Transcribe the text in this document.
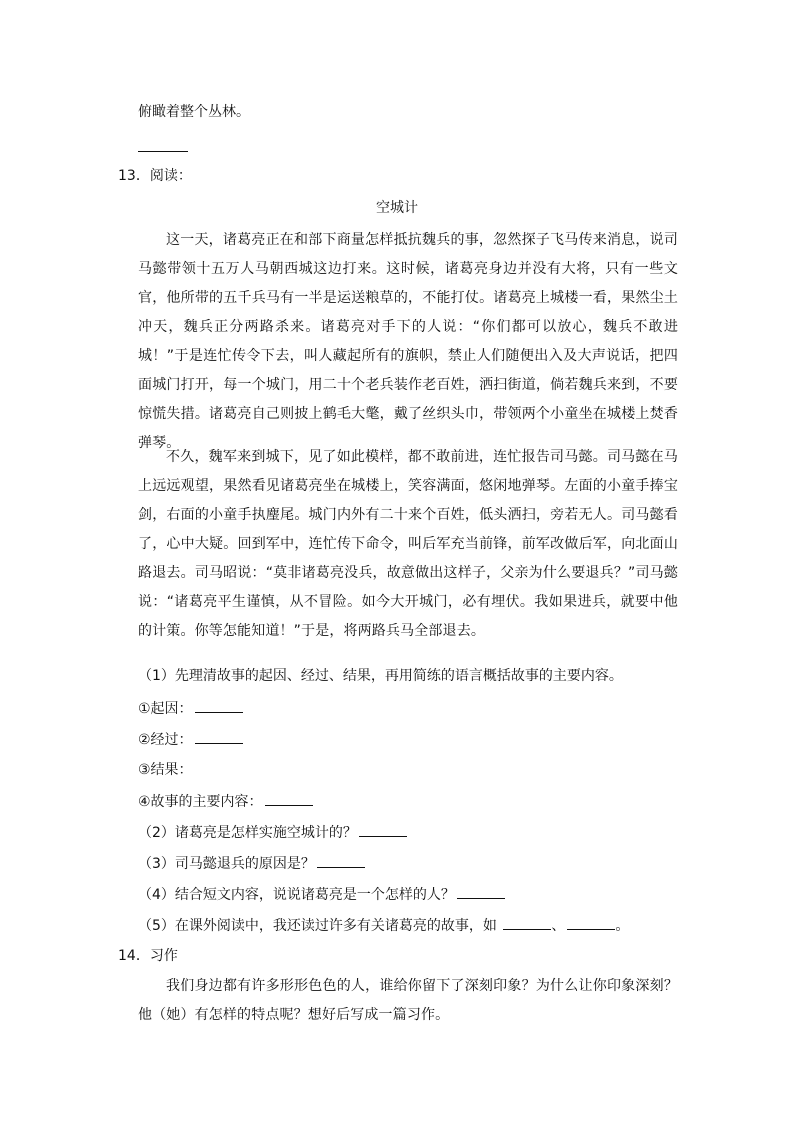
俯瞰着整个丛林。
13．阅读：
空城计
这一天，诸葛亮正在和部下商量怎样抵抗魏兵的事，忽然探子飞马传来消息，说司马懿带领十五万人马朝西城这边打来。这时候，诸葛亮身边并没有大将，只有一些文官，他所带的五千兵马有一半是运送粮草的，不能打仗。诸葛亮上城楼一看，果然尘土冲天，魏兵正分两路杀来。诸葛亮对手下的人说：“你们都可以放心，魏兵不敢进城！”于是连忙传令下去，叫人藏起所有的旗帜，禁止人们随便出入及大声说话，把四面城门打开，每一个城门，用二十个老兵装作老百姓，洒扫街道，倘若魏兵来到，不要惊慌失措。诸葛亮自己则披上鹤毛大氅，戴了丝织头巾，带领两个小童坐在城楼上焚香弹琴。
不久，魏军来到城下，见了如此模样，都不敢前进，连忙报告司马懿。司马懿在马上远远观望，果然看见诸葛亮坐在城楼上，笑容满面，悠闲地弹琴。左面的小童手捧宝剑，右面的小童手执麈尾。城门内外有二十来个百姓，低头洒扫，旁若无人。司马懿看了，心中大疑。回到军中，连忙传下命令，叫后军充当前锋，前军改做后军，向北面山路退去。司马昭说：“莫非诸葛亮没兵，故意做出这样子，父亲为什么要退兵？”司马懿说：“诸葛亮平生谨慎，从不冒险。如今大开城门，必有埋伏。我如果进兵，就要中他的计策。你等怎能知道！”于是，将两路兵马全部退去。
（1）先理清故事的起因、经过、结果，再用简练的语言概括故事的主要内容。
①起因：
②经过：
③结果：
④故事的主要内容：
（2）诸葛亮是怎样实施空城计的？
（3）司马懿退兵的原因是？
（4）结合短文内容，说说诸葛亮是一个怎样的人？
（5）在课外阅读中，我还读过许多有关诸葛亮的故事，如	、	。
14．习作
我们身边都有许多形形色色的人，谁给你留下了深刻印象？为什么让你印象深刻？他（她）有怎样的特点呢？想好后写成一篇习作。
